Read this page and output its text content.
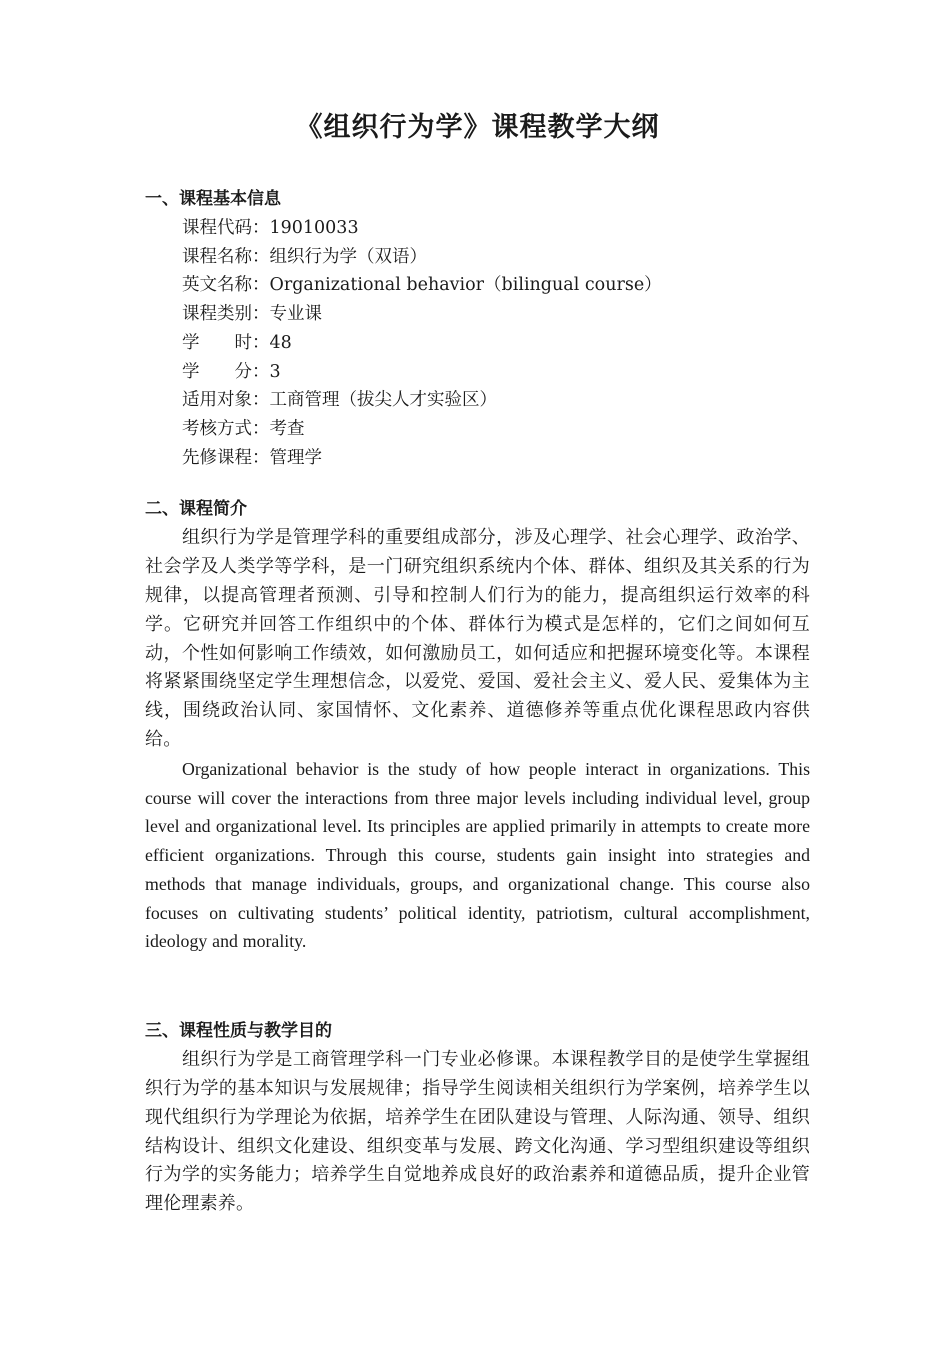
《组织行为学》课程教学大纲
一、课程基本信息
课程代码：19010033
课程名称：组织行为学（双语）
英文名称：Organizational behavior（bilingual course）
课程类别：专业课
学　　时：48
学　　分：3
适用对象：工商管理（拔尖人才实验区）
考核方式：考查
先修课程：管理学
二、课程简介

组织行为学是管理学科的重要组成部分，涉及心理学、社会心理学、政治学、社会学及人类学等学科，是一门研究组织系统内个体、群体、组织及其关系的行为规律，以提高管理者预测、引导和控制人们行为的能力，提高组织运行效率的科学。它研究并回答工作组织中的个体、群体行为模式是怎样的，它们之间如何互动，个性如何影响工作绩效，如何激励员工，如何适应和把握环境变化等。本课程将紧紧围绕坚定学生理想信念，以爱党、爱国、爱社会主义、爱人民、爱集体为主线，围绕政治认同、家国情怀、文化素养、道德修养等重点优化课程思政内容供给。

Organizational behavior is the study of how people interact in organizations. This course will cover the interactions from three major levels including individual level, group level and organizational level. Its principles are applied primarily in attempts to create more efficient organizations. Through this course, students gain insight into strategies and methods that manage individuals, groups, and organizational change. This course also focuses on cultivating students’ political identity, patriotism, cultural accomplishment, ideology and morality.

三、课程性质与教学目的

组织行为学是工商管理学科一门专业必修课。本课程教学目的是使学生掌握组织行为学的基本知识与发展规律；指导学生阅读相关组织行为学案例，培养学生以现代组织行为学理论为依据，培养学生在团队建设与管理、人际沟通、领导、组织结构设计、组织文化建设、组织变革与发展、跨文化沟通、学习型组织建设等组织行为学的实务能力；培养学生自觉地养成良好的政治素养和道德品质，提升企业管理伦理素养。
